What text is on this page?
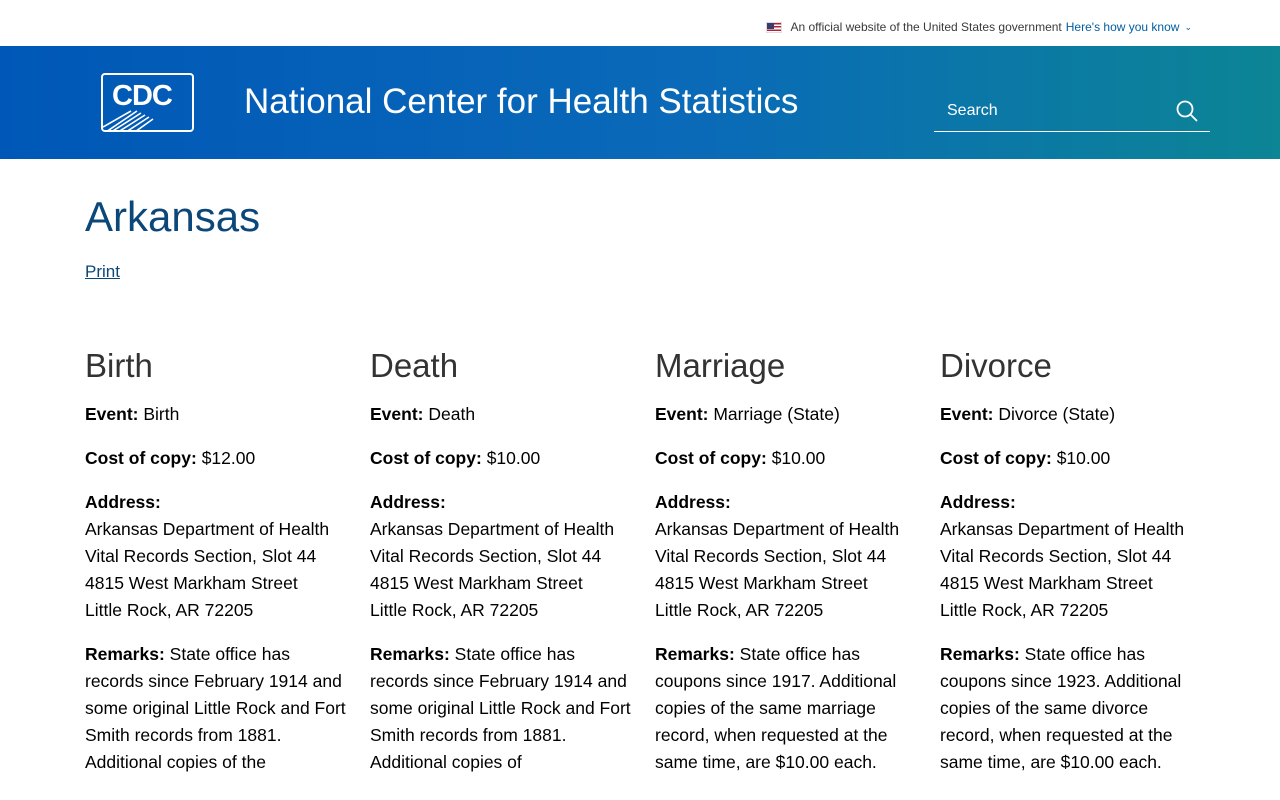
An official website of the United States government Here's how you know ⌄
CDC National Center for Health Statistics
Search
Arkansas
Print
Birth

Event: Birth

Cost of copy: $12.00

Address:
Arkansas Department of Health
Vital Records Section, Slot 44
4815 West Markham Street
Little Rock, AR 72205

Remarks: State office has records since February 1914 and some original Little Rock and Fort Smith records from 1881. Additional copies of the

Death

Event: Death

Cost of copy: $10.00

Address:
Arkansas Department of Health
Vital Records Section, Slot 44
4815 West Markham Street
Little Rock, AR 72205

Remarks: State office has records since February 1914 and some original Little Rock and Fort Smith records from 1881. Additional copies of

Marriage

Event: Marriage (State)

Cost of copy: $10.00

Address:
Arkansas Department of Health
Vital Records Section, Slot 44
4815 West Markham Street
Little Rock, AR 72205

Remarks: State office has coupons since 1917. Additional copies of the same marriage record, when requested at the same time, are $10.00 each.

Divorce

Event: Divorce (State)

Cost of copy: $10.00

Address:
Arkansas Department of Health
Vital Records Section, Slot 44
4815 West Markham Street
Little Rock, AR 72205

Remarks: State office has coupons since 1923. Additional copies of the same divorce record, when requested at the same time, are $10.00 each.
